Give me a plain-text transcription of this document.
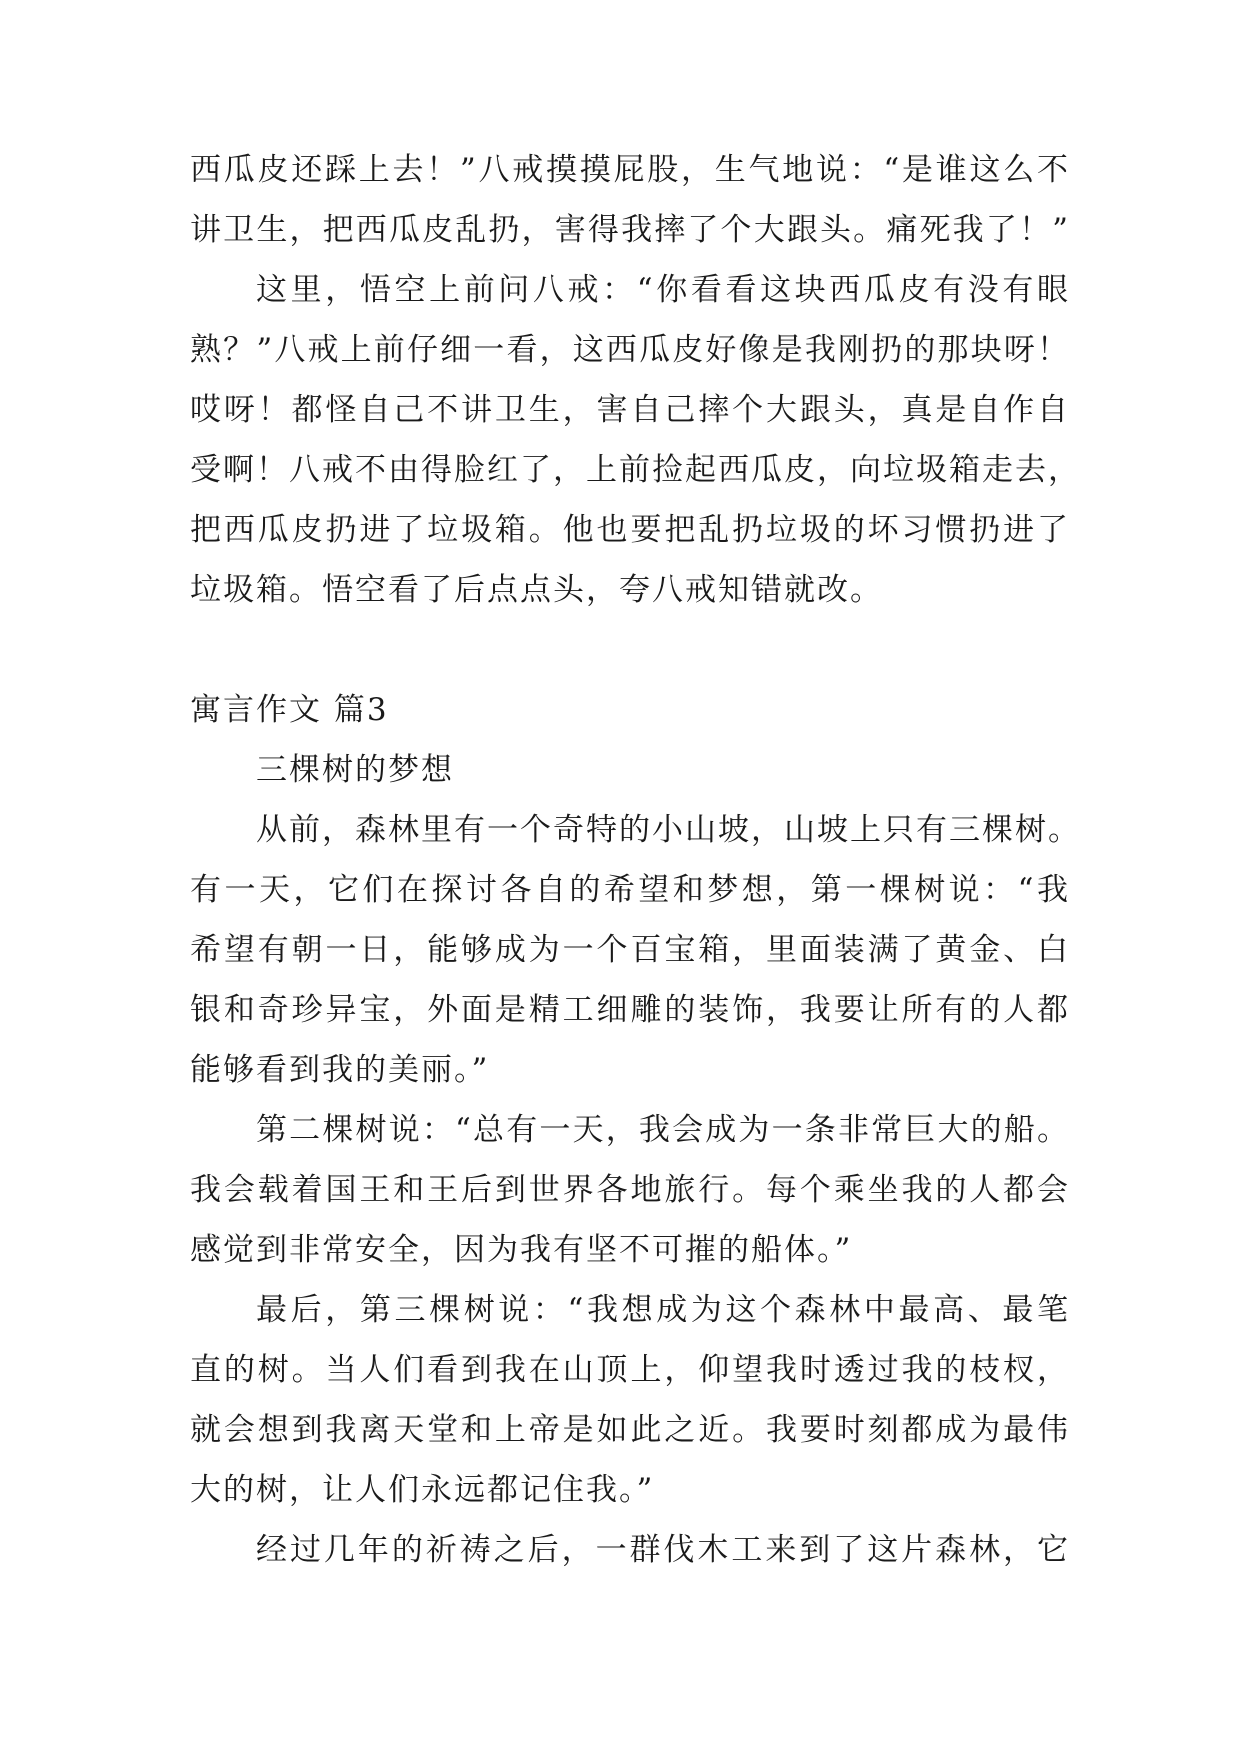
西瓜皮还踩上去！”八戒摸摸屁股，生气地说：“是谁这么不
讲卫生，把西瓜皮乱扔，害得我摔了个大跟头。痛死我了！”
这里，悟空上前问八戒：“你看看这块西瓜皮有没有眼
熟？”八戒上前仔细一看，这西瓜皮好像是我刚扔的那块呀！
哎呀！都怪自己不讲卫生，害自己摔个大跟头，真是自作自
受啊！八戒不由得脸红了，上前捡起西瓜皮，向垃圾箱走去，
把西瓜皮扔进了垃圾箱。他也要把乱扔垃圾的坏习惯扔进了
垃圾箱。悟空看了后点点头，夸八戒知错就改。
寓言作文 篇3
三棵树的梦想
从前，森林里有一个奇特的小山坡，山坡上只有三棵树。
有一天，它们在探讨各自的希望和梦想，第一棵树说：“我
希望有朝一日，能够成为一个百宝箱，里面装满了黄金、白
银和奇珍异宝，外面是精工细雕的装饰，我要让所有的人都
能够看到我的美丽。”
第二棵树说：“总有一天，我会成为一条非常巨大的船。
我会载着国王和王后到世界各地旅行。每个乘坐我的人都会
感觉到非常安全，因为我有坚不可摧的船体。”
最后，第三棵树说：“我想成为这个森林中最高、最笔
直的树。当人们看到我在山顶上，仰望我时透过我的枝杈，
就会想到我离天堂和上帝是如此之近。我要时刻都成为最伟
大的树，让人们永远都记住我。”
经过几年的祈祷之后，一群伐木工来到了这片森林，它
